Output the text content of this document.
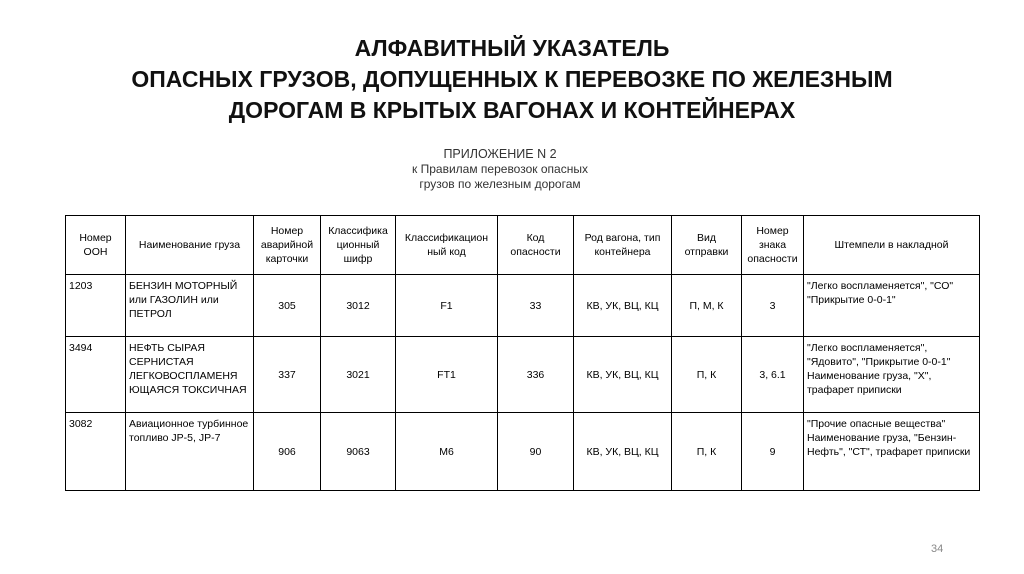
АЛФАВИТНЫЙ УКАЗАТЕЛЬ
ОПАСНЫХ ГРУЗОВ, ДОПУЩЕННЫХ К ПЕРЕВОЗКЕ ПО ЖЕЛЕЗНЫМ
ДОРОГАМ В КРЫТЫХ ВАГОНАХ И КОНТЕЙНЕРАХ
ПРИЛОЖЕНИЕ N 2
к Правилам перевозок опасных
грузов по железным дорогам
Номер ООН	Наименование груза	Номер аварийной карточки	Классифика ционный шифр	Классификацион ный код	Код опасности	Род вагона, тип контейнера	Вид отправки	Номер знака опасности	Штемпели в накладной
1203	БЕНЗИН МОТОРНЫЙ или ГАЗОЛИН или ПЕТРОЛ	305	3012	F1	33	КВ, УК, ВЦ, КЦ	П, М, К	3	"Легко воспламеняется", "СО" "Прикрытие 0-0-1"
3494	НЕФТЬ СЫРАЯ СЕРНИСТАЯ ЛЕГКОВОСПЛАМЕНЯ ЮЩАЯСЯ ТОКСИЧНАЯ	337	3021	FT1	336	КВ, УК, ВЦ, КЦ	П, К	3, 6.1	"Легко воспламеняется", "Ядовито", "Прикрытие 0-0-1" Наименование груза, "Х", трафарет приписки
3082	Авиационное турбинное топливо JP-5, JP-7	906	9063	М6	90	КВ, УК, ВЦ, КЦ	П, К	9	"Прочие опасные вещества" Наименование груза, "Бензин-Нефть", "СТ", трафарет приписки
34
